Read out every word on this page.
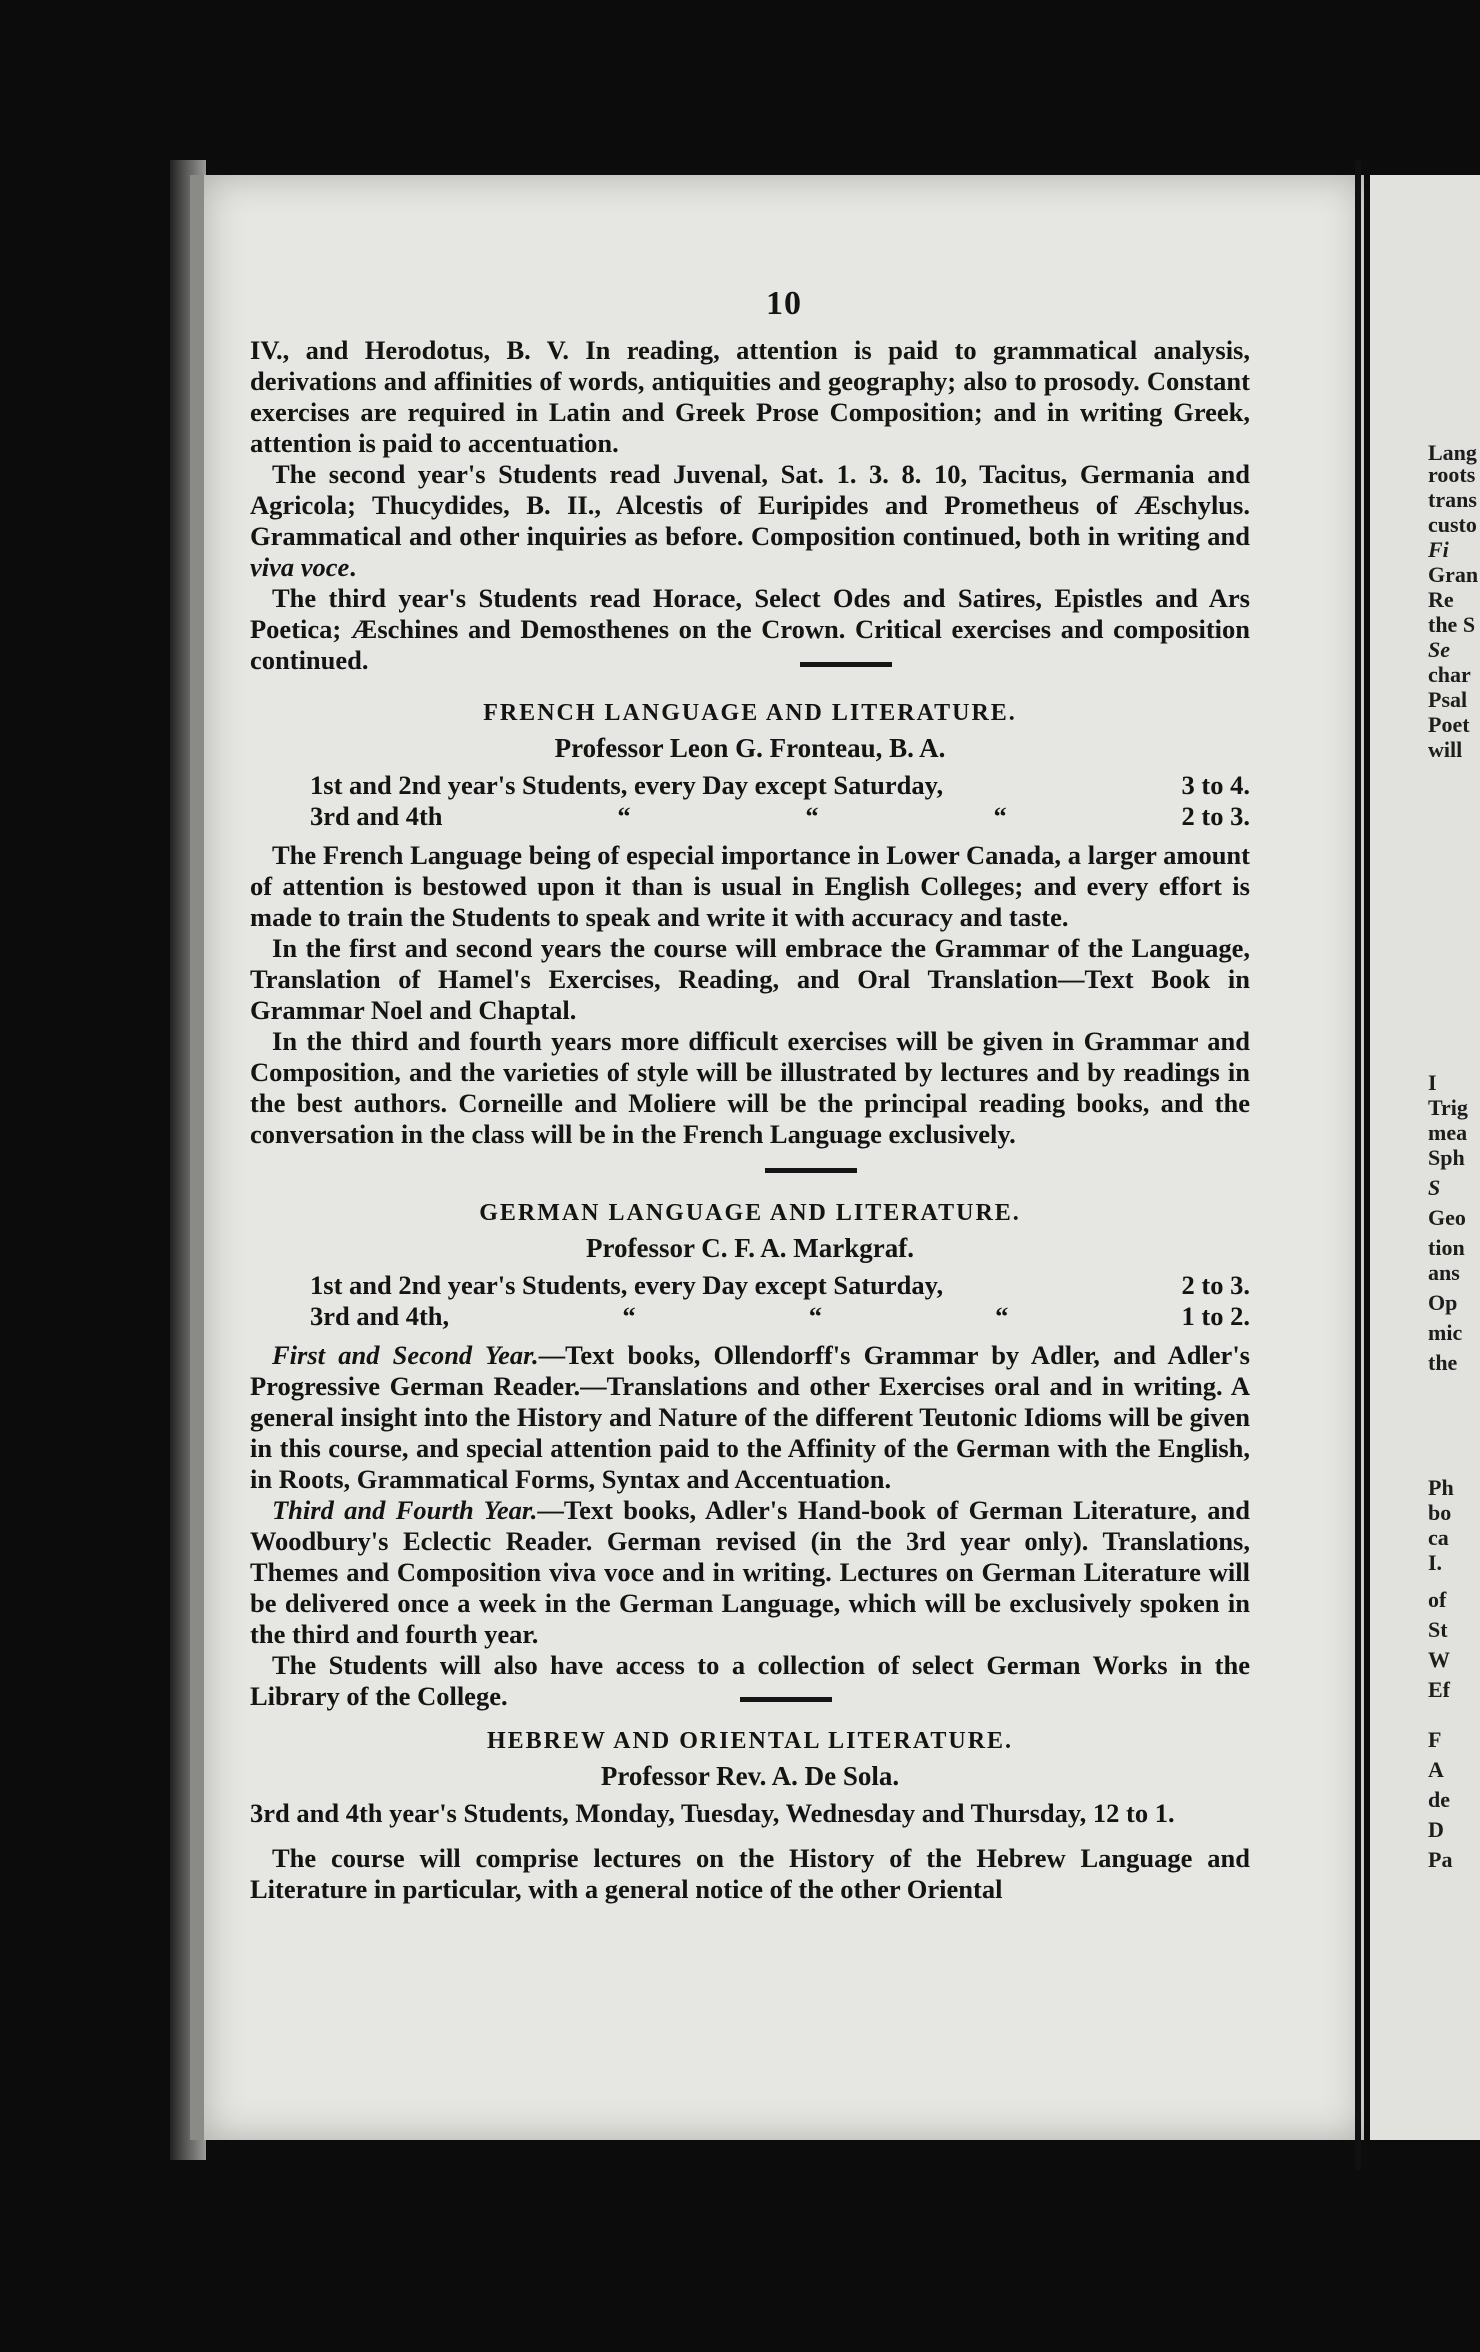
10
Lang
roots
trans
custo
Fi
Gran
Re
the S
Se
char
Psal
Poet
will
I
Trig
mea
Sph
S
Geo
tion
ans
Op
mic
the
Ph
bo
ca
I.
of
St
W
Ef
F
A
de
D
Pa

IV., and Herodotus, B. V. In reading, attention is paid to grammatical analysis, derivations and affinities of words, antiquities and geography; also to prosody. Constant exercises are required in Latin and Greek Prose Composition; and in writing Greek, attention is paid to accentuation.

The second year's Students read Juvenal, Sat. 1. 3. 8. 10, Tacitus, Germania and Agricola; Thucydides, B. II., Alcestis of Euripides and Prometheus of Æschylus. Grammatical and other inquiries as before. Composition continued, both in writing and viva voce.

The third year's Students read Horace, Select Odes and Satires, Epistles and Ars Poetica; Æschines and Demosthenes on the Crown. Critical exercises and composition continued.

FRENCH LANGUAGE AND LITERATURE.
Professor Leon G. Fronteau, B. A.
1st and 2nd year's Students, every Day except Saturday,	3 to 4.
3rd and 4th	“	“	“	2 to 3.

The French Language being of especial importance in Lower Canada, a larger amount of attention is bestowed upon it than is usual in English Colleges; and every effort is made to train the Students to speak and write it with accuracy and taste.

In the first and second years the course will embrace the Grammar of the Language, Translation of Hamel's Exercises, Reading, and Oral Translation—Text Book in Grammar Noel and Chaptal.

In the third and fourth years more difficult exercises will be given in Grammar and Composition, and the varieties of style will be illustrated by lectures and by readings in the best authors. Corneille and Moliere will be the principal reading books, and the conversation in the class will be in the French Language exclusively.

GERMAN LANGUAGE AND LITERATURE.
Professor C. F. A. Markgraf.
1st and 2nd year's Students, every Day except Saturday,	2 to 3.
3rd and 4th,	“	“	“	1 to 2.

First and Second Year.—Text books, Ollendorff's Grammar by Adler, and Adler's Progressive German Reader.—Translations and other Exercises oral and in writing. A general insight into the History and Nature of the different Teutonic Idioms will be given in this course, and special attention paid to the Affinity of the German with the English, in Roots, Grammatical Forms, Syntax and Accentuation.

Third and Fourth Year.—Text books, Adler's Hand-book of German Literature, and Woodbury's Eclectic Reader. German revised (in the 3rd year only). Translations, Themes and Composition viva voce and in writing. Lectures on German Literature will be delivered once a week in the German Language, which will be exclusively spoken in the third and fourth year.

The Students will also have access to a collection of select German Works in the Library of the College.

HEBREW AND ORIENTAL LITERATURE.
Professor Rev. A. De Sola.
3rd and 4th year's Students, Monday, Tuesday, Wednesday and Thursday, 12 to 1.

The course will comprise lectures on the History of the Hebrew Language and Literature in particular, with a general notice of the other Oriental
